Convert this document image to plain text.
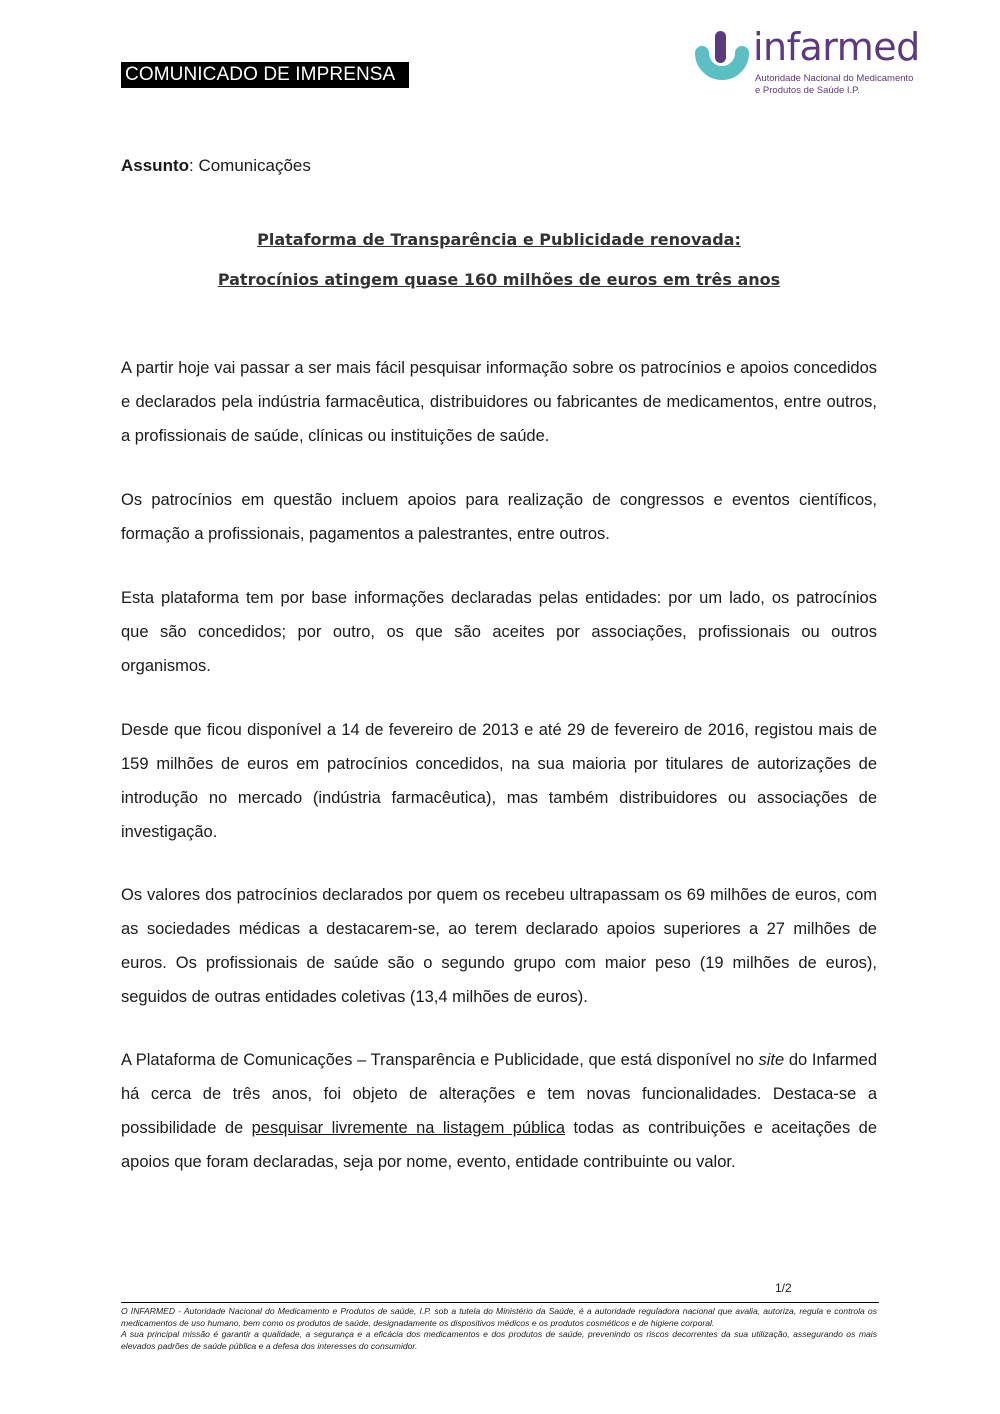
COMUNICADO DE IMPRENSA
infarmed
Autoridade Nacional do Medicamento
e Produtos de Saúde I.P.
Assunto: Comunicações
Plataforma de Transparência e Publicidade renovada:
Patrocínios atingem quase 160 milhões de euros em três anos

A partir hoje vai passar a ser mais fácil pesquisar informação sobre os patrocínios e apoios concedidos e declarados pela indústria farmacêutica, distribuidores ou fabricantes de medicamentos, entre outros, a profissionais de saúde, clínicas ou instituições de saúde.

Os patrocínios em questão incluem apoios para realização de congressos e eventos científicos, formação a profissionais, pagamentos a palestrantes, entre outros.

Esta plataforma tem por base informações declaradas pelas entidades: por um lado, os patrocínios que são concedidos; por outro, os que são aceites por associações, profissionais ou outros organismos.

Desde que ficou disponível a 14 de fevereiro de 2013 e até 29 de fevereiro de 2016, registou mais de 159 milhões de euros em patrocínios concedidos, na sua maioria por titulares de autorizações de introdução no mercado (indústria farmacêutica), mas também distribuidores ou associações de investigação.

Os valores dos patrocínios declarados por quem os recebeu ultrapassam os 69 milhões de euros, com as sociedades médicas a destacarem-se, ao terem declarado apoios superiores a 27 milhões de euros. Os profissionais de saúde são o segundo grupo com maior peso (19 milhões de euros), seguidos de outras entidades coletivas (13,4 milhões de euros).

A Plataforma de Comunicações – Transparência e Publicidade, que está disponível no site do Infarmed há cerca de três anos, foi objeto de alterações e tem novas funcionalidades. Destaca-se a possibilidade de pesquisar livremente na listagem pública todas as contribuições e aceitações de apoios que foram declaradas, seja por nome, evento, entidade contribuinte ou valor.

1/2

O INFARMED - Autoridade Nacional do Medicamento e Produtos de saúde, I.P. sob a tutela do Ministério da Saúde, é a autoridade reguladora nacional que avalia, autoriza, regula e controla os medicamentos de uso humano, bem como os produtos de saúde, designadamente os dispositivos médicos e os produtos cosméticos e de higiene corporal.

A sua principal missão é garantir a qualidade, a segurança e a eficácia dos medicamentos e dos produtos de saúde, prevenindo os riscos decorrentes da sua utilização, assegurando os mais elevados padrões de saúde pública e a defesa dos interesses do consumidor.
